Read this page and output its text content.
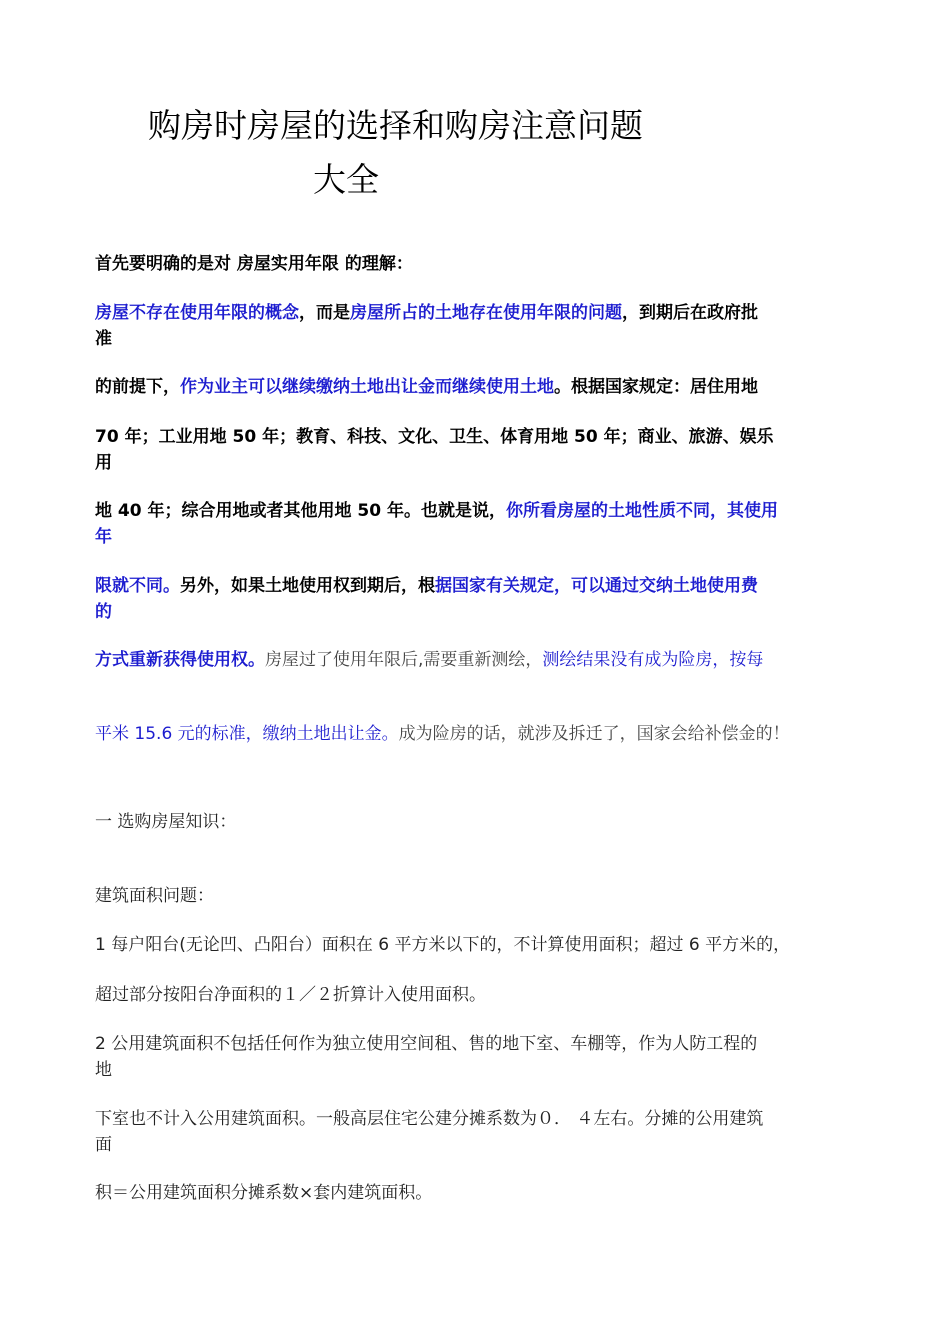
购房时房屋的选择和购房注意问题
大全
首先要明确的是对 房屋实用年限 的理解：
房屋不存在使用年限的概念，而是房屋所占的土地存在使用年限的问题，到期后在政府批
准
的前提下，作为业主可以继续缴纳土地出让金而继续使用土地。根据国家规定：居住用地
70 年；工业用地 50 年；教育、科技、文化、卫生、体育用地 50 年；商业、旅游、娱乐
用
地 40 年；综合用地或者其他用地 50 年。也就是说，你所看房屋的土地性质不同，其使用
年
限就不同。另外，如果土地使用权到期后，根据国家有关规定，可以通过交纳土地使用费
的
方式重新获得使用权。房屋过了使用年限后,需要重新测绘，测绘结果没有成为险房，按每
平米 15.6 元的标准，缴纳土地出让金。成为险房的话，就涉及拆迁了，国家会给补偿金的！
一 选购房屋知识：
建筑面积问题：
1 每户阳台(无论凹、凸阳台）面积在 6 平方米以下的，不计算使用面积；超过 6 平方米的，
超过部分按阳台净面积的１／２折算计入使用面积。
2 公用建筑面积不包括任何作为独立使用空间租、售的地下室、车棚等，作为人防工程的
地
下室也不计入公用建筑面积。一般高层住宅公建分摊系数为０． ４左右。分摊的公用建筑
面
积＝公用建筑面积分摊系数×套内建筑面积。
